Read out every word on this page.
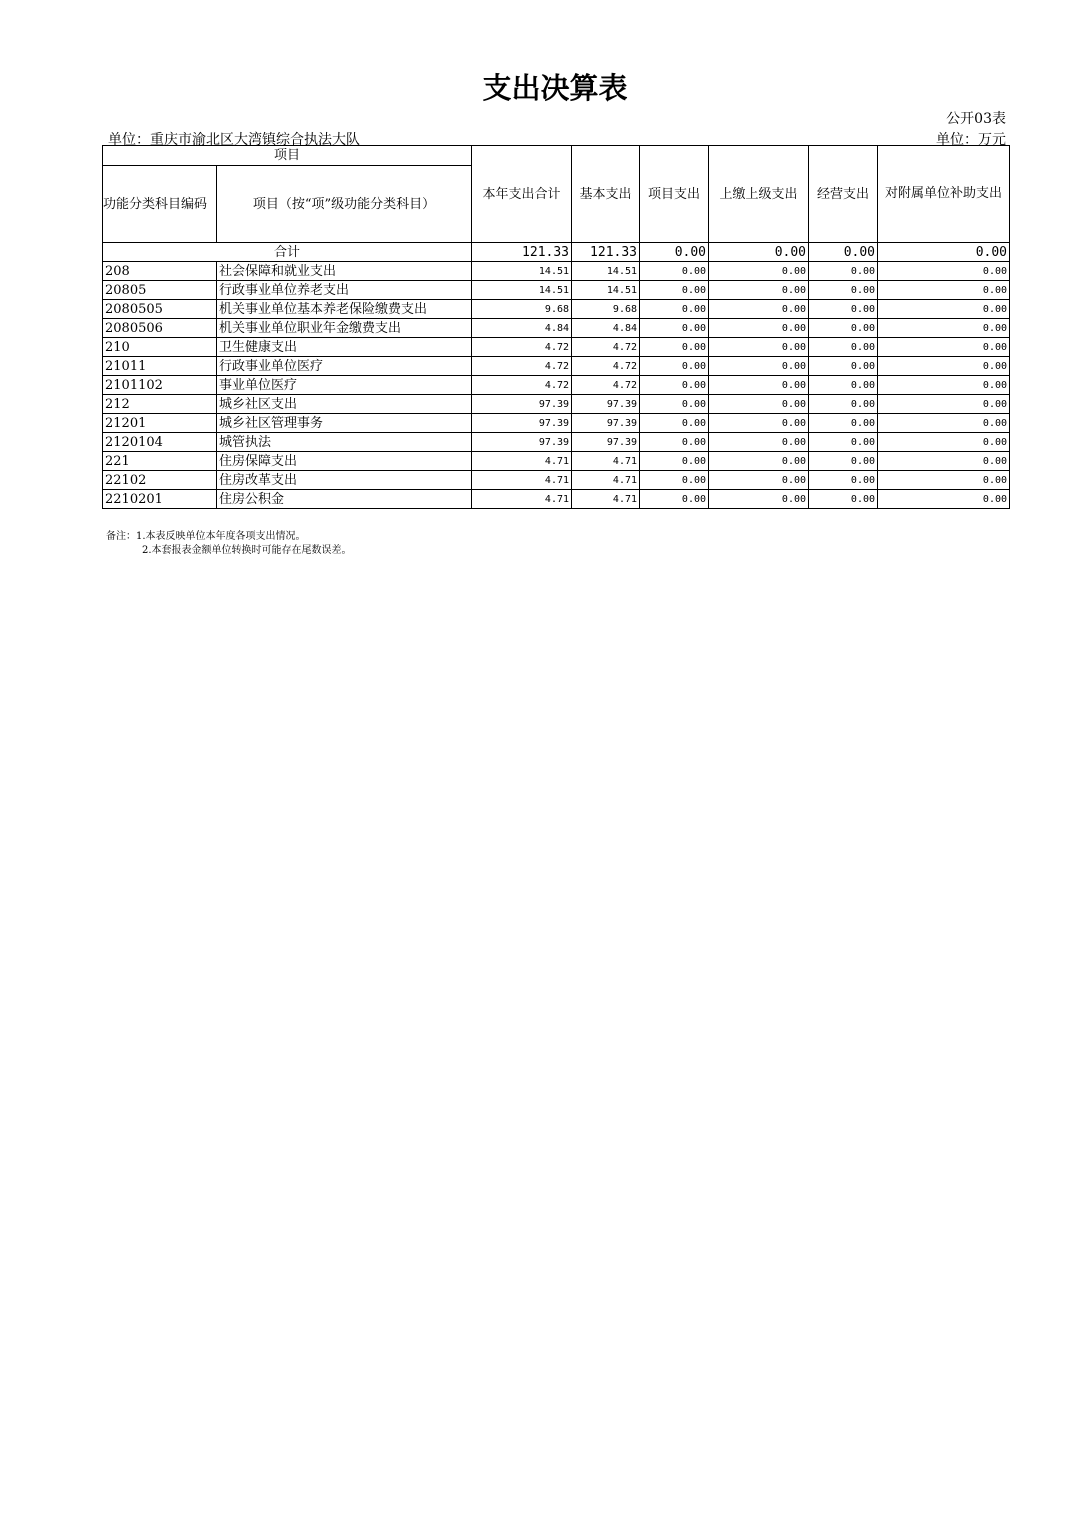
支出决算表
公开03表
单位：重庆市渝北区大湾镇综合执法大队	单位：万元
项目		本年支出合计	基本支出	项目支出	上缴上级支出	经营支出	对附属单位补助支出
功能分类科目编码	项目（按“项”级功能分类科目）						
合计		121.33	121.33	0.00	0.00	0.00	0.00
208	社会保障和就业支出	14.51	14.51	0.00	0.00	0.00	0.00
20805	行政事业单位养老支出	14.51	14.51	0.00	0.00	0.00	0.00
2080505	机关事业单位基本养老保险缴费支出	9.68	9.68	0.00	0.00	0.00	0.00
2080506	机关事业单位职业年金缴费支出	4.84	4.84	0.00	0.00	0.00	0.00
210	卫生健康支出	4.72	4.72	0.00	0.00	0.00	0.00
21011	行政事业单位医疗	4.72	4.72	0.00	0.00	0.00	0.00
2101102	事业单位医疗	4.72	4.72	0.00	0.00	0.00	0.00
212	城乡社区支出	97.39	97.39	0.00	0.00	0.00	0.00
21201	城乡社区管理事务	97.39	97.39	0.00	0.00	0.00	0.00
2120104	城管执法	97.39	97.39	0.00	0.00	0.00	0.00
221	住房保障支出	4.71	4.71	0.00	0.00	0.00	0.00
22102	住房改革支出	4.71	4.71	0.00	0.00	0.00	0.00
2210201	住房公积金	4.71	4.71	0.00	0.00	0.00	0.00
备注：1.本表反映单位本年度各项支出情况。
2.本套报表金额单位转换时可能存在尾数误差。
